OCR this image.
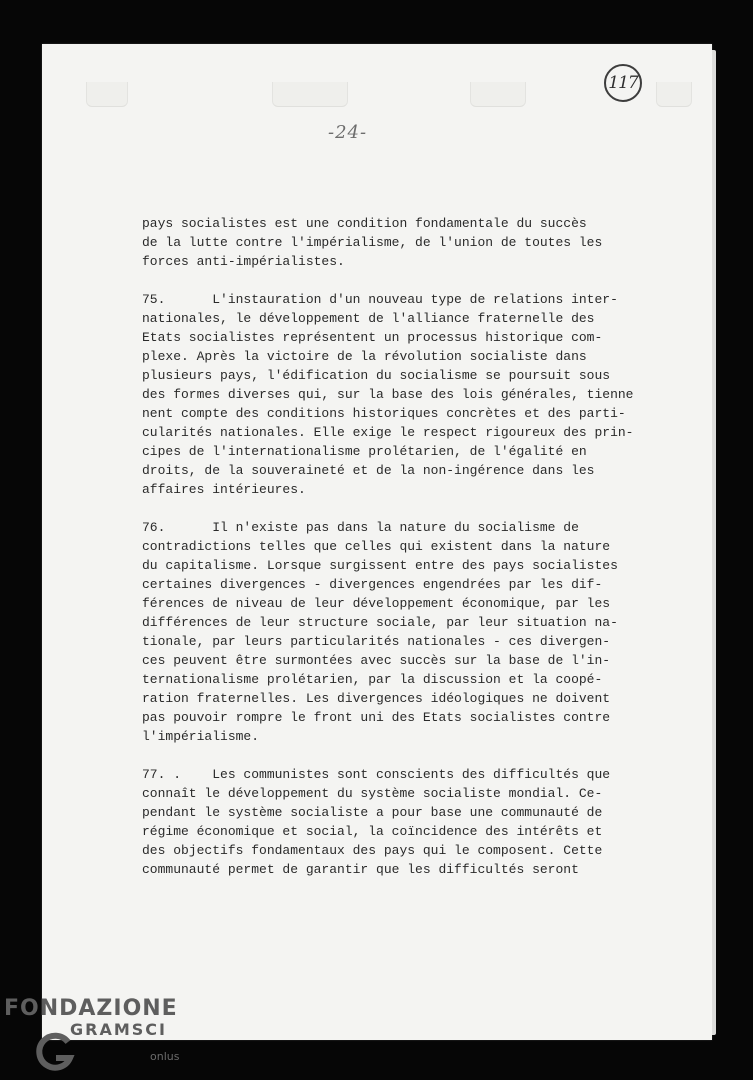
117
-24-

pays socialistes est une condition fondamentale du succès
de la lutte contre l'impérialisme, de l'union de toutes les
forces anti-impérialistes.

75.      L'instauration d'un nouveau type de relations inter-
nationales, le développement de l'alliance fraternelle des
Etats socialistes représentent un processus historique com-
plexe. Après la victoire de la révolution socialiste dans
plusieurs pays, l'édification du socialisme se poursuit sous
des formes diverses qui, sur la base des lois générales, tienne
nent compte des conditions historiques concrètes et des parti-
cularités nationales. Elle exige le respect rigoureux des prin-
cipes de l'internationalisme prolétarien, de l'égalité en
droits, de la souveraineté et de la non-ingérence dans les
affaires intérieures.

76.      Il n'existe pas dans la nature du socialisme de
contradictions telles que celles qui existent dans la nature
du capitalisme. Lorsque surgissent entre des pays socialistes
certaines divergences - divergences engendrées par les dif-
férences de niveau de leur développement économique, par les
différences de leur structure sociale, par leur situation na-
tionale, par leurs particularités nationales - ces divergen-
ces peuvent être surmontées avec succès sur la base de l'in-
ternationalisme prolétarien, par la discussion et la coopé-
ration fraternelles. Les divergences idéologiques ne doivent
pas pouvoir rompre le front uni des Etats socialistes contre
l'impérialisme.

77. .    Les communistes sont conscients des difficultés que
connaît le développement du système socialiste mondial. Ce-
pendant le système socialiste a pour base une communauté de
régime économique et social, la coïncidence des intérêts et
des objectifs fondamentaux des pays qui le composent. Cette
communauté permet de garantir que les difficultés seront

FONDAZIONE
GRAMSCI
onlus
